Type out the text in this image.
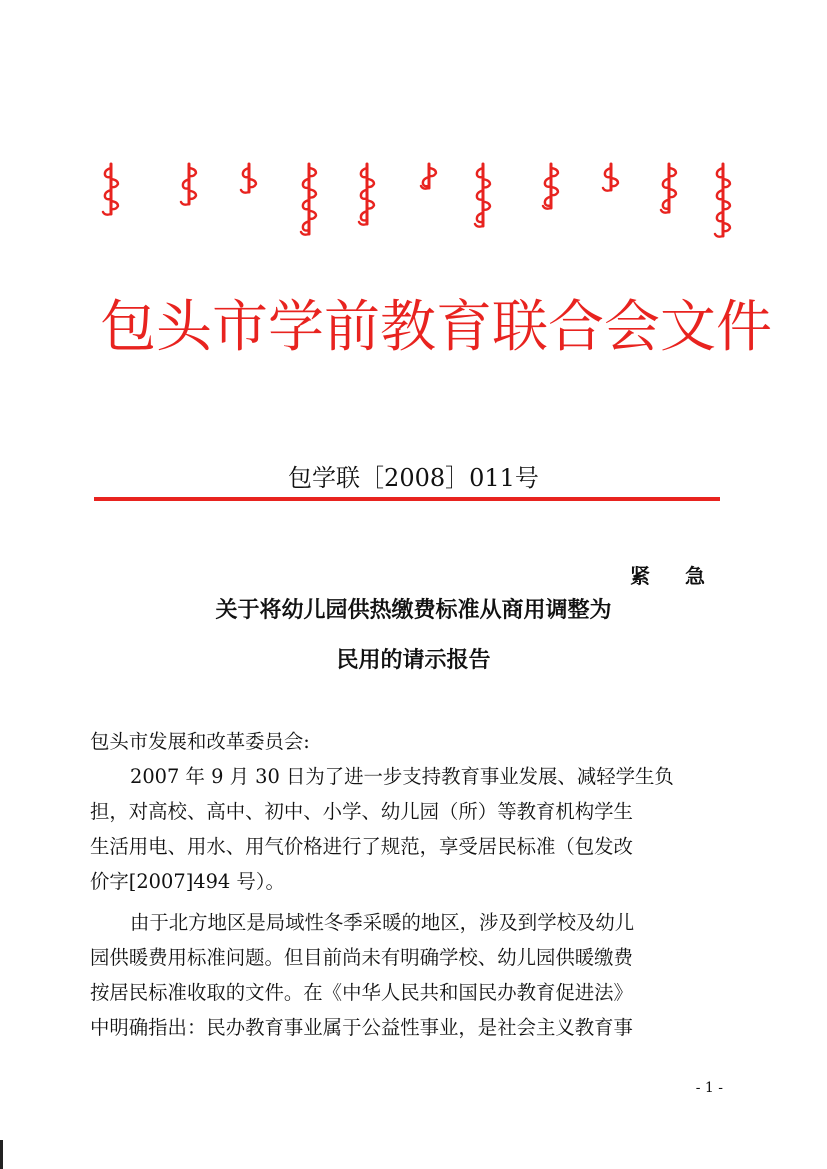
包头市学前教育联合会文件
包学联［2008］011号
紧 急
关于将幼儿园供热缴费标准从商用调整为
民用的请示报告

包头市发展和改革委员会:

2007 年 9 月 30 日为了进一步支持教育事业发展、减轻学生负

担，对高校、高中、初中、小学、幼儿园（所）等教育机构学生

生活用电、用水、用气价格进行了规范，享受居民标准（包发改

价字[2007]494 号）。

由于北方地区是局域性冬季采暖的地区，涉及到学校及幼儿

园供暖费用标准问题。但目前尚未有明确学校、幼儿园供暖缴费

按居民标准收取的文件。在《中华人民共和国民办教育促进法》

中明确指出：民办教育事业属于公益性事业，是社会主义教育事

- 1 -
